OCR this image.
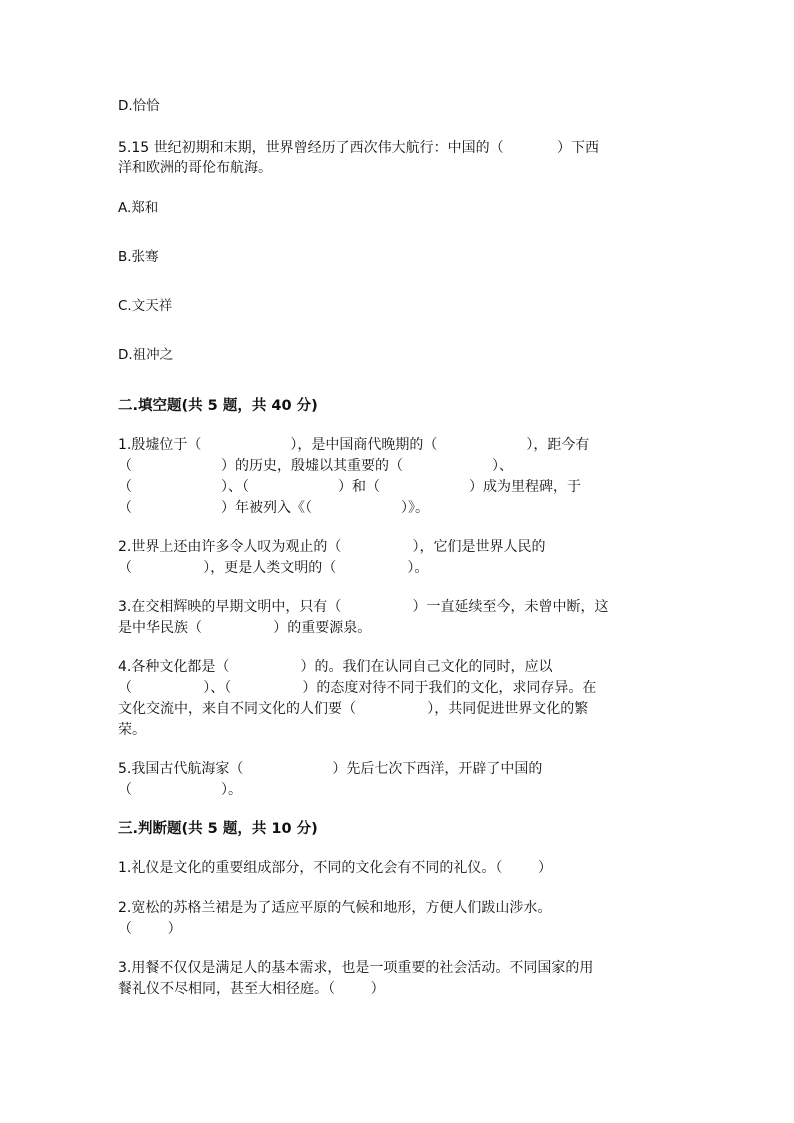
D.恰恰
5.15 世纪初期和末期，世界曾经历了西次伟大航行：中国的（            ）下西
洋和欧洲的哥伦布航海。
A.郑和
B.张骞
C.文天祥
D.祖冲之
二.填空题(共 5 题，共 40 分)
1.殷墟位于（                    ），是中国商代晚期的（                    ），距今有
（                    ）的历史，殷墟以其重要的（                    ）、
（                    ）、（                    ）和（                    ）成为里程碑，于
（                    ）年被列入《（                    ）》。
2.世界上还由许多令人叹为观止的（                ），它们是世界人民的
（                ），更是人类文明的（                ）。
3.在交相辉映的早期文明中，只有（                ）一直延续至今，未曾中断，这
是中华民族（                ）的重要源泉。
4.各种文化都是（                ）的。我们在认同自己文化的同时，应以
（                ）、（                ）的态度对待不同于我们的文化，求同存异。在
文化交流中，来自不同文化的人们要（                ），共同促进世界文化的繁
荣。
5.我国古代航海家（                    ）先后七次下西洋，开辟了中国的
（                    ）。
三.判断题(共 5 题，共 10 分)
1.礼仪是文化的重要组成部分，不同的文化会有不同的礼仪。（        ）
2.宽松的苏格兰裙是为了适应平原的气候和地形，方便人们跋山涉水。
（        ）
3.用餐不仅仅是满足人的基本需求，也是一项重要的社会活动。不同国家的用
餐礼仪不尽相同，甚至大相径庭。（        ）
